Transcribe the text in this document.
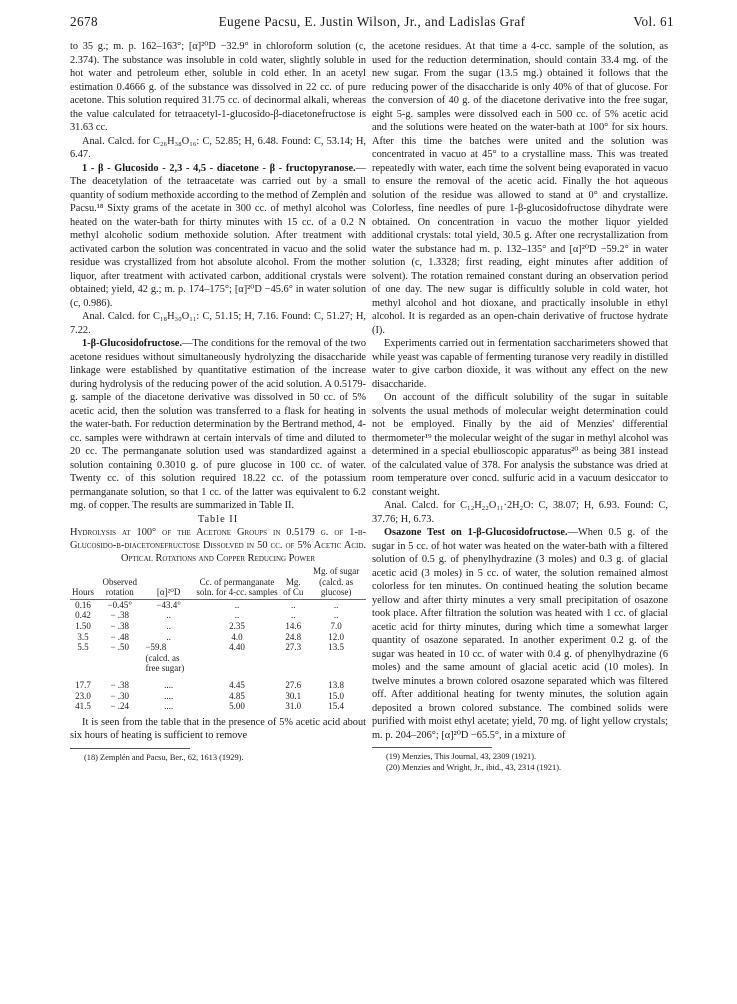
2678	Eugene Pacsu, E. Justin Wilson, Jr., and Ladislas Graf	Vol. 61

to 35 g.; m. p. 162–163°; [α]²⁰D −32.9° in chloroform solution (c, 2.374). The substance was insoluble in cold water, slightly soluble in hot water and petroleum ether, soluble in cold ether. In an acetyl estimation 0.4666 g. of the substance was dissolved in 22 cc. of pure acetone. This solution required 31.75 cc. of decinormal alkali, whereas the value calculated for tetraacetyl-1-glucosido-β-diacetonefructose is 31.63 cc.

Anal. Calcd. for C₂₆H₃₈O₁₆: C, 52.85; H, 6.48. Found: C, 53.14; H, 6.47.

1 - β - Glucosido - 2,3 - 4,5 - diacetone - β - fructopyranose.—The deacetylation of the tetraacetate was carried out by a small quantity of sodium methoxide according to the method of Zemplén and Pacsu.¹⁸ Sixty grams of the acetate in 300 cc. of methyl alcohol was heated on the water-bath for thirty minutes with 15 cc. of a 0.2 N methyl alcoholic sodium methoxide solution. After treatment with activated carbon the solution was concentrated in vacuo and the solid residue was crystallized from hot absolute alcohol. From the mother liquor, after treatment with activated carbon, additional crystals were obtained; yield, 42 g.; m. p. 174–175°; [α]²⁰D −45.6° in water solution (c, 0.986).

Anal. Calcd. for C₁₈H₃₀O₁₁: C, 51.15; H, 7.16. Found: C, 51.27; H, 7.22.

1-β-Glucosidofructose.—The conditions for the removal of the two acetone residues without simultaneously hydrolyzing the disaccharide linkage were established by quantitative estimation of the increase during hydrolysis of the reducing power of the acid solution. A 0.5179-g. sample of the diacetone derivative was dissolved in 50 cc. of 5% acetic acid, then the solution was transferred to a flask for heating in the water-bath. For reduction determination by the Bertrand method, 4-cc. samples were withdrawn at certain intervals of time and diluted to 20 cc. The permanganate solution used was standardized against a solution containing 0.3010 g. of pure glucose in 100 cc. of water. Twenty cc. of this solution required 18.22 cc. of the potassium permanganate solution, so that 1 cc. of the latter was equivalent to 6.2 mg. of copper. The results are summarized in Table II.

Table II

Hydrolysis at 100° of the Acetone Groups in 0.5179 g. of 1-β-Glucosido-β-diacetonefructose Dissolved in 50 cc. of 5% Acetic Acid. Optical Rotations and Copper Reducing Power

Hours	Observed rotation	[α]²⁰D	Cc. of permanganate soln. for 4-cc. samples	Mg. of Cu	Mg. of sugar (calcd. as glucose)
0.16	−0.45°	−43.4°	..	..	..
0.42	− .38	..	..	..	..
1.50	− .38	..	2.35	14.6	7.0
3.5	− .48	..	4.0	24.8	12.0
5.5	− .50	−59.8 (calcd. as free sugar)	4.40	27.3	13.5
17.7	− .38	....	4.45	27.6	13.8
23.0	− .30	....	4.85	30.1	15.0
41.5	− .24	....	5.00	31.0	15.4

It is seen from the table that in the presence of 5% acetic acid about six hours of heating is sufficient to remove

(18) Zemplén and Pacsu, Ber., 62, 1613 (1929).

the acetone residues. At that time a 4-cc. sample of the solution, as used for the reduction determination, should contain 33.4 mg. of the new sugar. From the sugar (13.5 mg.) obtained it follows that the reducing power of the disaccharide is only 40% of that of glucose. For the conversion of 40 g. of the diacetone derivative into the free sugar, eight 5-g. samples were dissolved each in 500 cc. of 5% acetic acid and the solutions were heated on the water-bath at 100° for six hours. After this time the batches were united and the solution was concentrated in vacuo at 45° to a crystalline mass. This was treated repeatedly with water, each time the solvent being evaporated in vacuo to ensure the removal of the acetic acid. Finally the hot aqueous solution of the residue was allowed to stand at 0° and crystallize. Colorless, fine needles of pure 1-β-glucosidofructose dihydrate were obtained. On concentration in vacuo the mother liquor yielded additional crystals: total yield, 30.5 g. After one recrystallization from water the substance had m. p. 132–135° and [α]²⁰D −59.2° in water solution (c, 1.3328; first reading, eight minutes after addition of solvent). The rotation remained constant during an observation period of one day. The new sugar is difficultly soluble in cold water, hot methyl alcohol and hot dioxane, and practically insoluble in ethyl alcohol. It is regarded as an open-chain derivative of fructose hydrate (I).

Experiments carried out in fermentation saccharimeters showed that while yeast was capable of fermenting turanose very readily in distilled water to give carbon dioxide, it was without any effect on the new disaccharide.

On account of the difficult solubility of the sugar in suitable solvents the usual methods of molecular weight determination could not be employed. Finally by the aid of Menzies' differential thermometer¹⁹ the molecular weight of the sugar in methyl alcohol was determined in a special ebullioscopic apparatus²⁰ as being 381 instead of the calculated value of 378. For analysis the substance was dried at room temperature over concd. sulfuric acid in a vacuum desiccator to constant weight.

Anal. Calcd. for C₁₂H₂₂O₁₁·2H₂O: C, 38.07; H, 6.93. Found: C, 37.76; H, 6.73.

Osazone Test on 1-β-Glucosidofructose.—When 0.5 g. of the sugar in 5 cc. of hot water was heated on the water-bath with a filtered solution of 0.5 g. of phenylhydrazine (3 moles) and 0.3 g. of glacial acetic acid (3 moles) in 5 cc. of water, the solution remained almost colorless for ten minutes. On continued heating the solution became yellow and after thirty minutes a very small precipitation of osazone took place. After filtration the solution was heated with 1 cc. of glacial acetic acid for thirty minutes, during which time a somewhat larger quantity of osazone separated. In another experiment 0.2 g. of the sugar was heated in 10 cc. of water with 0.4 g. of phenylhydrazine (6 moles) and the same amount of glacial acetic acid (10 moles). In twelve minutes a brown colored osazone separated which was filtered off. After additional heating for twenty minutes, the solution again deposited a brown colored substance. The combined solids were purified with moist ethyl acetate; yield, 70 mg. of light yellow crystals; m. p. 204–206°; [α]²⁰D −65.5°, in a mixture of

(19) Menzies, This Journal, 43, 2309 (1921).

(20) Menzies and Wright, Jr., ibid., 43, 2314 (1921).
